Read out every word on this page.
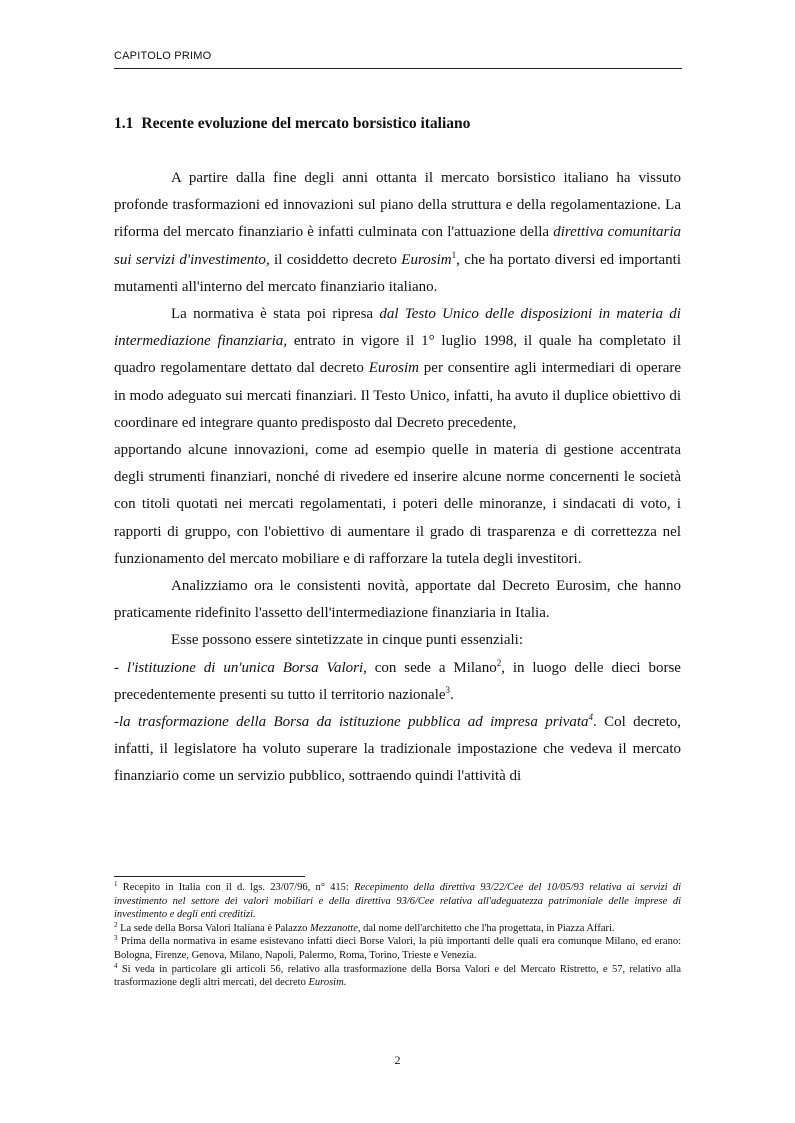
CAPITOLO PRIMO
1.1 Recente evoluzione del mercato borsistico italiano

A partire dalla fine degli anni ottanta il mercato borsistico italiano ha vissuto profonde trasformazioni ed innovazioni sul piano della struttura e della regolamentazione. La riforma del mercato finanziario è infatti culminata con l'attuazione della direttiva comunitaria sui servizi d'investimento, il cosiddetto decreto Eurosim$^1$, che ha portato diversi ed importanti mutamenti all'interno del mercato finanziario italiano.

La normativa è stata poi ripresa dal Testo Unico delle disposizioni in materia di intermediazione finanziaria, entrato in vigore il 1° luglio 1998, il quale ha completato il quadro regolamentare dettato dal decreto Eurosim per consentire agli intermediari di operare in modo adeguato sui mercati finanziari. Il Testo Unico, infatti, ha avuto il duplice obiettivo di coordinare ed integrare quanto predisposto dal Decreto precedente,

apportando alcune innovazioni, come ad esempio quelle in materia di gestione accentrata degli strumenti finanziari, nonché di rivedere ed inserire alcune norme concernenti le società con titoli quotati nei mercati regolamentati, i poteri delle minoranze, i sindacati di voto, i rapporti di gruppo, con l'obiettivo di aumentare il grado di trasparenza e di correttezza nel funzionamento del mercato mobiliare e di rafforzare la tutela degli investitori.

Analizziamo ora le consistenti novità, apportate dal Decreto Eurosim, che hanno praticamente ridefinito l'assetto dell'intermediazione finanziaria in Italia.

Esse possono essere sintetizzate in cinque punti essenziali:

- l'istituzione di un'unica Borsa Valori, con sede a Milano$^2$, in luogo delle dieci borse precedentemente presenti su tutto il territorio nazionale$^3$.

-la trasformazione della Borsa da istituzione pubblica ad impresa privata$^4$. Col decreto, infatti, il legislatore ha voluto superare la tradizionale impostazione che vedeva il mercato finanziario come un servizio pubblico, sottraendo quindi l'attività di

$^1$ Recepito in Italia con il d. lgs. 23/07/96, n° 415: Recepimento della direttiva 93/22/Cee del 10/05/93 relativa ai servizi di investimento nel settore dei valori mobiliari e della direttiva 93/6/Cee relativa all'adeguatezza patrimoniale delle imprese di investimento e degli enti creditizi.

$^2$ La sede della Borsa Valori Italiana è Palazzo Mezzanotte, dal nome dell'architetto che l'ha progettata, in Piazza Affari.

$^3$ Prima della normativa in esame esistevano infatti dieci Borse Valori, la più importanti delle quali era comunque Milano, ed erano: Bologna, Firenze, Genova, Milano, Napoli, Palermo, Roma, Torino, Trieste e Venezia.

$^4$ Si veda in particolare gli articoli 56, relativo alla trasformazione della Borsa Valori e del Mercato Ristretto, e 57, relativo alla trasformazione degli altri mercati, del decreto Eurosim.

2
